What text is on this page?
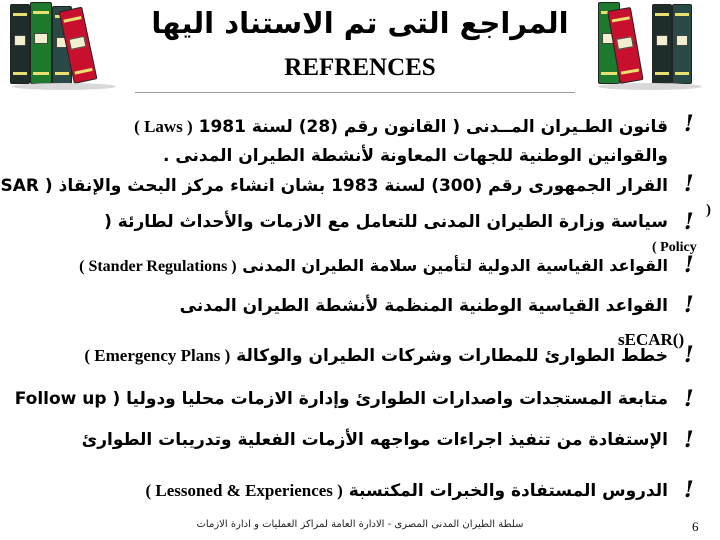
المراجع التى تم الاستناد اليها
REFRENCES
!
!
!
!
!
!
!
!
!
( Laws ) قانون الطـيران المــدنى ( القانون رقم (28) لسنة 1981
والقوانين الوطنية للجهات المعاونة لأنشطة الطيران المدنى .
القرار الجمهورى رقم (300) لسنة 1983 بشان انشاء مركز البحث والإنقاذ ( SAR
سياسة وزارة الطيران المدنى للتعامل مع الازمات والأحداث لطارئة (
)
( Policy
( Stander Regulations ) القواعد القياسية الدولية لتأمين سلامة الطيران المدنى
القواعد القياسية الوطنية المنظمة لأنشطة الطيران المدنى
sECAR()
( Emergency Plans ) خطط الطوارئ للمطارات وشركات الطيران والوكالة
متابعة المستجدات واصدارات الطوارئ وإدارة الازمات محليا ودوليا ( Follow up
الإستفادة من تنفيذ اجراءات مواجهه الأزمات الفعلية وتدريبات الطوارئ
( Lessoned & Experiences ) الدروس المستفادة والخبرات المكتسبة
سلطة الطيران المدنى المصرى - الادارة العامة لمراكز العمليات و ادارة الازمات	6
